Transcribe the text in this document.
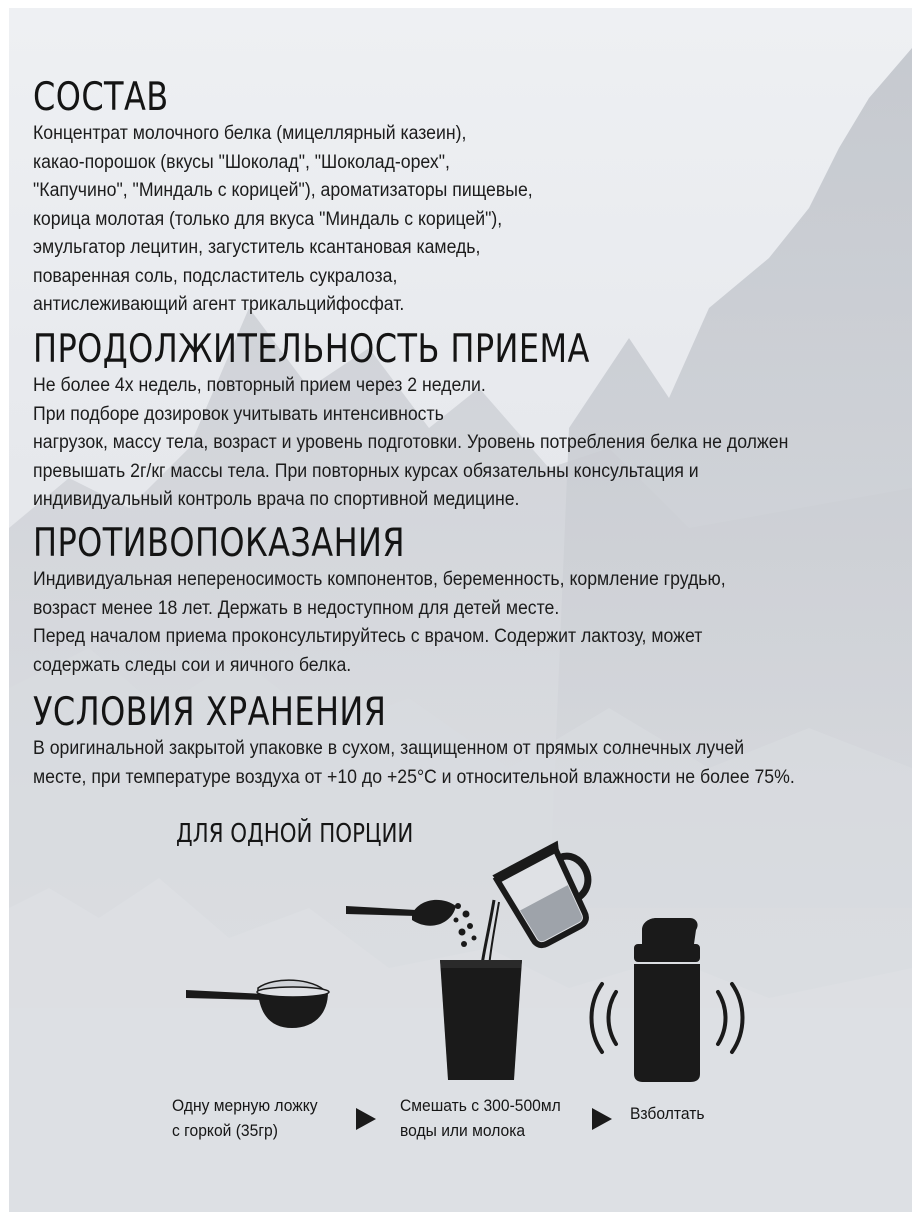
СОСТАВ
Концентрат молочного белка (мицеллярный казеин),
какао-порошок (вкусы "Шоколад", "Шоколад-орех",
"Капучино", "Миндаль с корицей"), ароматизаторы пищевые,
корица молотая (только для вкуса "Миндаль с корицей"),
эмульгатор лецитин, загуститель ксантановая камедь,
поваренная соль, подсластитель сукралоза,
антислеживающий агент трикальцийфосфат.
ПРОДОЛЖИТЕЛЬНОСТЬ ПРИЕМА
Не более 4х недель, повторный прием через 2 недели.
При подборе дозировок учитывать интенсивность
нагрузок, массу тела, возраст и уровень подготовки. Уровень потребления белка не должен
превышать 2г/кг массы тела. При повторных курсах обязательны консультация и
индивидуальный контроль врача по спортивной медицине.
ПРОТИВОПОКАЗАНИЯ
Индивидуальная непереносимость компонентов, беременность, кормление грудью,
возраст менее 18 лет. Держать в недоступном для детей месте.
Перед началом приема проконсультируйтесь с врачом. Содержит лактозу, может
содержать следы сои и яичного белка.
УСЛОВИЯ ХРАНЕНИЯ
В оригинальной закрытой упаковке в сухом, защищенном от прямых солнечных лучей
месте, при температуре воздуха от +10 до +25°С и относительной влажности не более 75%.
ДЛЯ ОДНОЙ ПОРЦИИ
Одну мерную ложку
с горкой (35гр)
Смешать с 300-500мл
воды или молока
Взболтать
